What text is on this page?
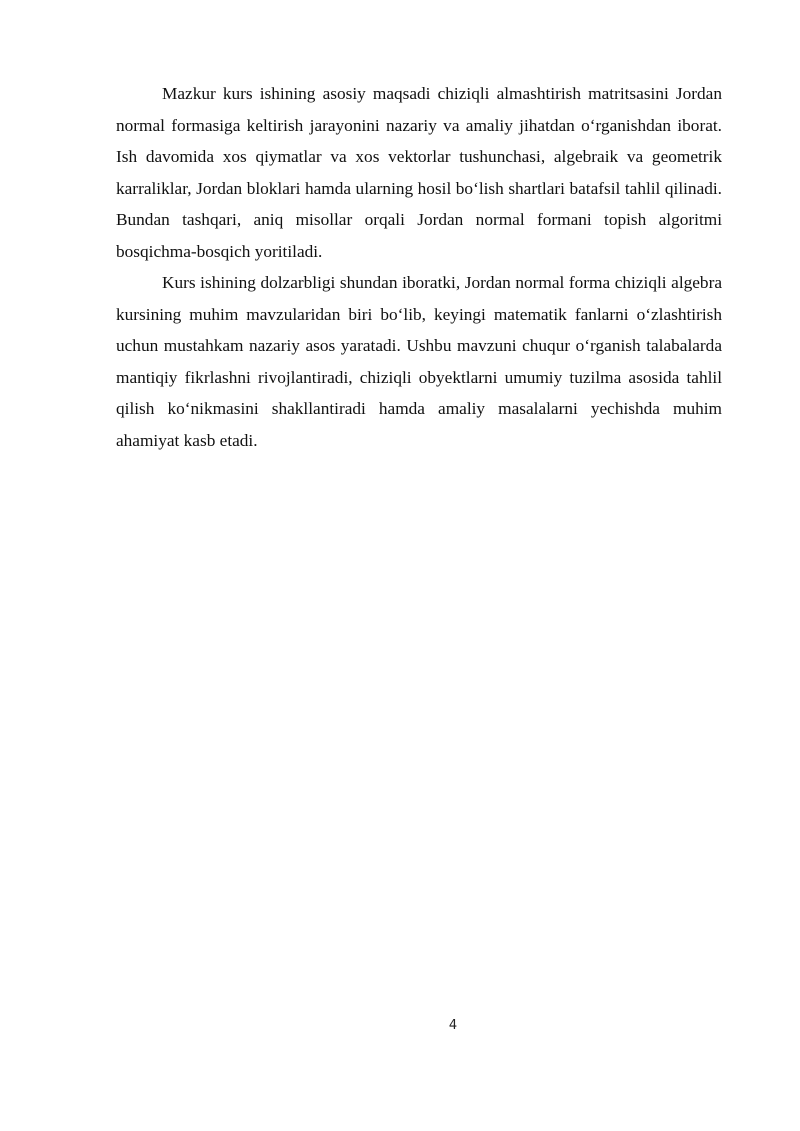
Mazkur kurs ishining asosiy maqsadi chiziqli almashtirish matritsasini Jordan normal formasiga keltirish jarayonini nazariy va amaliy jihatdan o‘rganishdan iborat. Ish davomida xos qiymatlar va xos vektorlar tushunchasi, algebraik va geometrik karraliklar, Jordan bloklari hamda ularning hosil bo‘lish shartlari batafsil tahlil qilinadi. Bundan tashqari, aniq misollar orqali Jordan normal formani topish algoritmi bosqichma-bosqich yoritiladi.

Kurs ishining dolzarbligi shundan iboratki, Jordan normal forma chiziqli algebra kursining muhim mavzularidan biri bo‘lib, keyingi matematik fanlarni o‘zlashtirish uchun mustahkam nazariy asos yaratadi. Ushbu mavzuni chuqur o‘rganish talabalarda mantiqiy fikrlashni rivojlantiradi, chiziqli obyektlarni umumiy tuzilma asosida tahlil qilish ko‘nikmasini shakllantiradi hamda amaliy masalalarni yechishda muhim ahamiyat kasb etadi.

4
